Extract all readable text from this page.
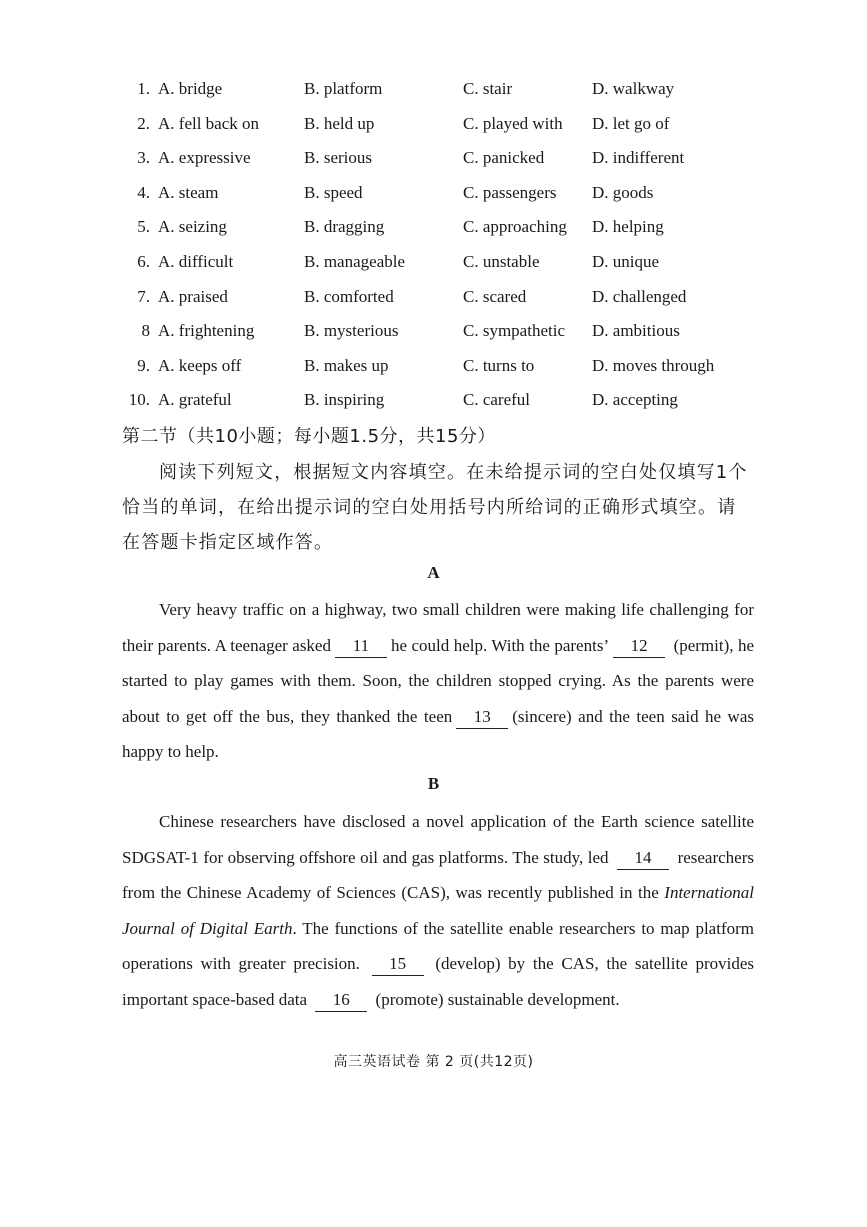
1. A. bridge	B. platform	C. stair	D. walkway
2. A. fell back on	B. held up	C. played with D. let go of
3. A. expressive	B. serious	C. panicked	D. indifferent
4. A. steam	B. speed	C. passengers D. goods
5. A. seizing	B. dragging	C. approaching D. helping
6. A. difficult	B. manageable	C. unstable	D. unique
7. A. praised	B. comforted	C. scared	D. challenged
8 A. frightening	B. mysterious	C. sympathetic D. ambitious
9. A. keeps off	B. makes up	C. turns to	D. moves through
10. A. grateful	B. inspiring	C. careful	D. accepting
第二节（共10小题；每小题1.5分，共15分）
阅读下列短文，根据短文内容填空。在未给提示词的空白处仅填写1个恰当的单词，在给出提示词的空白处用括号内所给词的正确形式填空。请在答题卡指定区域作答。
A
Very heavy traffic on a highway, two small children were making life challenging for their parents. A teenager asked 11 he could help. With the parents’ 12 (permit), he started to play games with them. Soon, the children stopped crying. As the parents were about to get off the bus, they thanked the teen 13 (sincere) and the teen said he was happy to help.
B
Chinese researchers have disclosed a novel application of the Earth science satellite SDGSAT-1 for observing offshore oil and gas platforms. The study, led 14 researchers from the Chinese Academy of Sciences (CAS), was recently published in the International Journal of Digital Earth. The functions of the satellite enable researchers to map platform operations with greater precision. 15 (develop) by the CAS, the satellite provides important space-based data 16 (promote) sustainable development.
高三英语试卷 第 2 页(共12页)
